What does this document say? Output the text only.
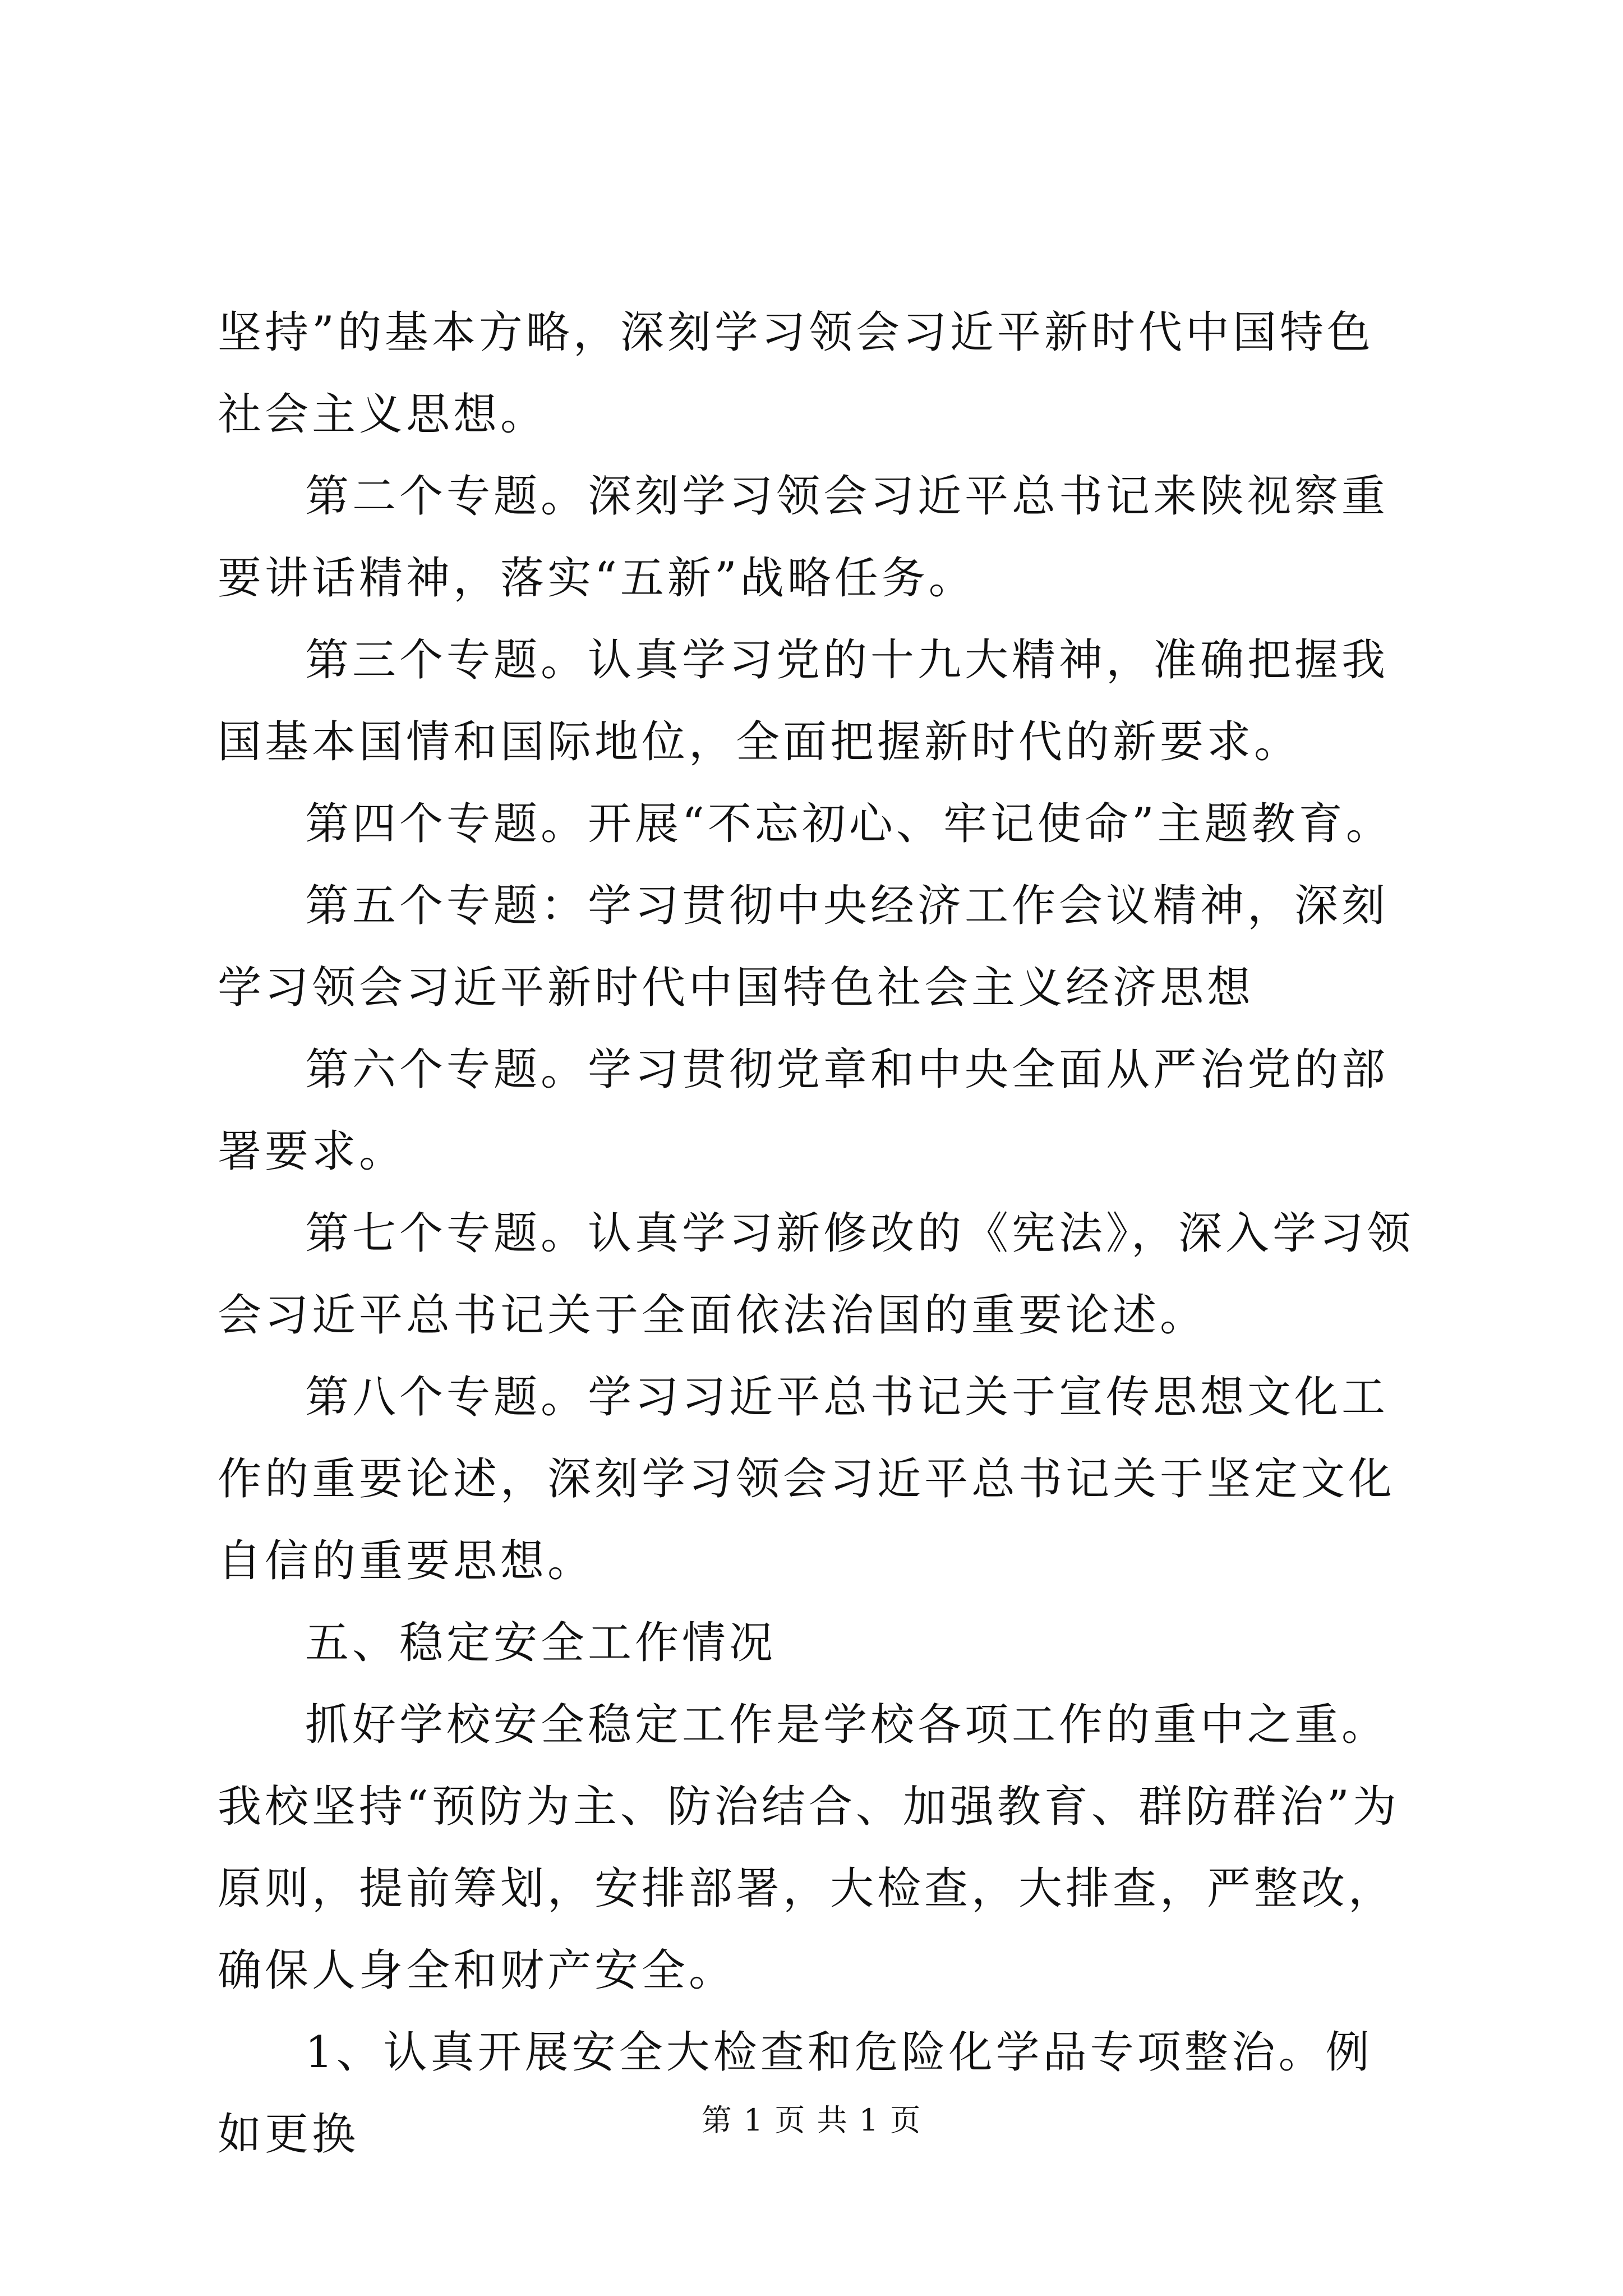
坚持”的基本方略，深刻学习领会习近平新时代中国特色社会主义思想。

第二个专题。深刻学习领会习近平总书记来陕视察重要讲话精神，落实“五新”战略任务。

第三个专题。认真学习党的十九大精神，准确把握我国基本国情和国际地位，全面把握新时代的新要求。

第四个专题。开展“不忘初心、牢记使命”主题教育。

第五个专题：学习贯彻中央经济工作会议精神，深刻学习领会习近平新时代中国特色社会主义经济思想

第六个专题。学习贯彻党章和中央全面从严治党的部署要求。

第七个专题。认真学习新修改的《宪法》，深入学习领会习近平总书记关于全面依法治国的重要论述。

第八个专题。学习习近平总书记关于宣传思想文化工作的重要论述，深刻学习领会习近平总书记关于坚定文化自信的重要思想。

五、稳定安全工作情况

抓好学校安全稳定工作是学校各项工作的重中之重。我校坚持“预防为主、防治结合、加强教育、群防群治”为原则，提前筹划，安排部署，大检查，大排查，严整改，确保人身全和财产安全。

1、认真开展安全大检查和危险化学品专项整治。例如更换	第 1 页 共 1 页
